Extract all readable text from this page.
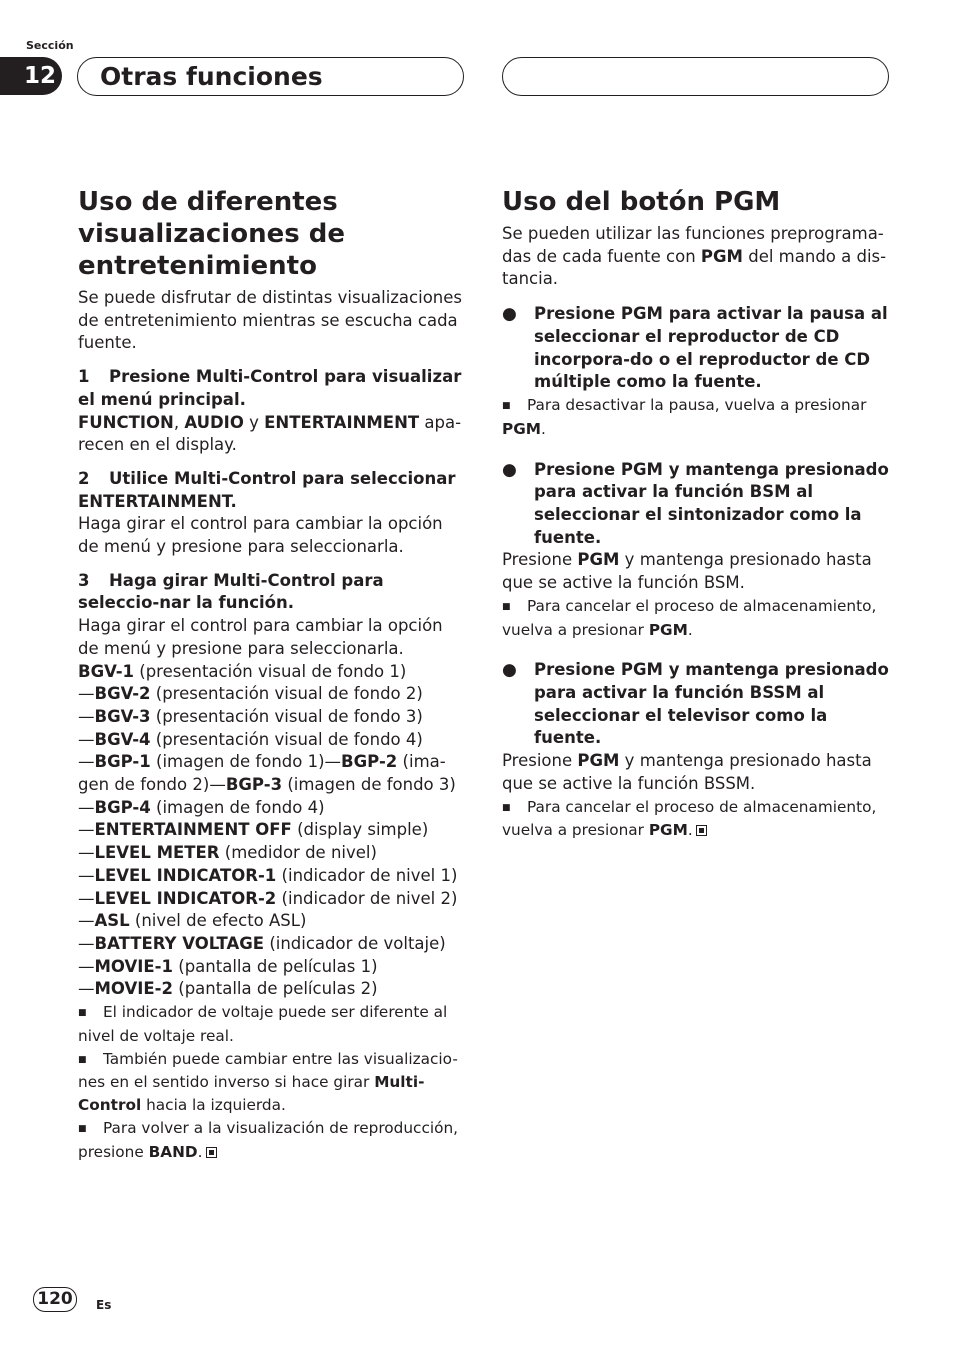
Sección
12	Otras funciones
Uso de diferentes visualizaciones de entretenimiento

Se puede disfrutar de distintas visualizaciones de entretenimiento mientras se escucha cada fuente.

1 Presione Multi-Control para visualizar el menú principal.

FUNCTION, AUDIO y ENTERTAINMENT apa-recen en el display.

2 Utilice Multi-Control para seleccionar ENTERTAINMENT.

Haga girar el control para cambiar la opción de menú y presione para seleccionarla.

3 Haga girar Multi-Control para seleccio-nar la función.

Haga girar el control para cambiar la opción de menú y presione para seleccionarla.

BGV-1 (presentación visual de fondo 1)
—BGV-2 (presentación visual de fondo 2)
—BGV-3 (presentación visual de fondo 3)
—BGV-4 (presentación visual de fondo 4)
—BGP-1 (imagen de fondo 1)—BGP-2 (ima-gen de fondo 2)—BGP-3 (imagen de fondo 3)
—BGP-4 (imagen de fondo 4)
—ENTERTAINMENT OFF (display simple)
—LEVEL METER (medidor de nivel)
—LEVEL INDICATOR-1 (indicador de nivel 1)
—LEVEL INDICATOR-2 (indicador de nivel 2)
—ASL (nivel de efecto ASL)
—BATTERY VOLTAGE (indicador de voltaje)
—MOVIE-1 (pantalla de películas 1)
—MOVIE-2 (pantalla de películas 2)

■ El indicador de voltaje puede ser diferente al nivel de voltaje real.

■ También puede cambiar entre las visualizacio-nes en el sentido inverso si hace girar Multi-Control hacia la izquierda.

■ Para volver a la visualización de reproducción, presione BAND.

Uso del botón PGM

Se pueden utilizar las funciones preprograma-das de cada fuente con PGM del mando a dis-tancia.

● Presione PGM para activar la pausa al seleccionar el reproductor de CD incorpora-do o el reproductor de CD múltiple como la fuente.

■ Para desactivar la pausa, vuelva a presionar PGM.

● Presione PGM y mantenga presionado para activar la función BSM al seleccionar el sintonizador como la fuente.

Presione PGM y mantenga presionado hasta que se active la función BSM.

■ Para cancelar el proceso de almacenamiento, vuelva a presionar PGM.

● Presione PGM y mantenga presionado para activar la función BSSM al seleccionar el televisor como la fuente.

Presione PGM y mantenga presionado hasta que se active la función BSSM.

■ Para cancelar el proceso de almacenamiento, vuelva a presionar PGM.

120	Es
